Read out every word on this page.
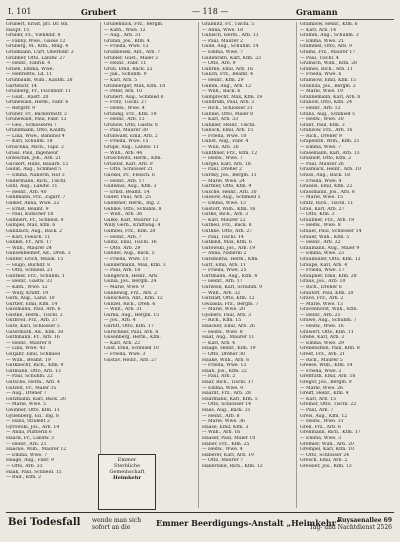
I. 101	Grubert	— 118 —	Gramann
Grubert, Ernst, pri. Dr. Rn.
Haupt. 15
Gruber, Fz., Viehhdlr. 8
— Fanny, Wwe., Gasse 12
Gruberg, M., Kfm., Rhlg. 4
Grudmann, Curt, Oberhdlr. 2
Grubner, Otto, Landw. 27
— Heinr., Fabrik. 4
Gruen, Emma, Wwe.
— Henriette, Ld. 11
Grünbaum, Wilh., Kaufm. 28
Gartenstr. 14
Grünberg, Fr., Fischhdlr. 11
— Gust., Rasrf. 20
Grünewald, Herm., Fabr. 6
— Bergstr. 9
Grüner, Fr., Bäckermstr. 3
Grunewald, Paul, Fabr. 13
— Geo., Schlosserei 7
Grundmann, Otto, Kaufm.
— Lina, Wwe., Bahnhof 4
— Karl, Schuhm. 18
Gruschka, Mich., Tapz. 2
Gruss, Paul, Ingenieur
Grzeschik, Joh., Arb. 21
Guckert, Hans, Bauarb. 12
Gudat, Aug., Schmied 5
— Emma, Näherin, Hof 3
Gudermann, Rich., Tischl.
Guhl, Aug., Landw. 11
— Heinr., Arb. 40
Guhlmann, Frz., Zigarr. 7
Gülker, Anna, Wwe. 22
— Ernst, Beamt. 9
— Paul, Kutscher 18
Gumbert, Fr., Schneid. 4
Gumpel, Max, Kfm. 6
Gundlach, Aug., Bäck. 2
— Karl, Fleisch. 11
Gunkel, Fr., Arb. 17
— Wilh., Maurer 24
Gunsenheimer, Ad., Dreh. 3
Günter, Erich, Musik. 15
— Hugo, Buchdr. 8
— Otto, Schneid. 21
Günther, Frz., Schuhm. 1
— Heinr., Gastw. 33
— Kath., Wwe. 12
— Willy, Kraftf. 19
Gurk, Aug., Land. 10
Gürtler, Emil, Kfm. 14
Gussmann, Paul, Arb. 6
Gustke, Herm., Tischl. 2
Gutbrod, Frz., Arb. 27
Gute, Karl, Schlosser 5
Gutermuth, Ad., Kfm. 30
Guthmann, Fr., Arb. 16
— Heinr., Maurer 8
— Lina, Wwe. 43
Gutjahr, Emil, Schmied
— Wilh., Beamt. 19
Gutknecht, Rich., Kfm. 9
Gutmann, Otto, Arb. 13
— Paul, Schuhm. 22
Gutsche, Herm., Arb. 4
Gutzeit, Fr., Maler 35
— Aug., Dreher 7
Gutzmann, Karl, Bäck. 20
— Marie, Wwe. 5
Gwinner, Otto, Kfm. 11
Gyllenberg, Ed., Ing. 8
— Hans, Student 2
Gyrowski, Jos., Arb. 14
— Anna, Plätterin 6
Haack, Fr., Landw. 3
— Heinr., Arb. 21
Haacke, Wilh., Maurer 12
— Emma, Wwe. 7
Haage, Aug., Fabr. 9
— Otto, Arb. 33
Haak, Paul, Schneid. 15
— Rud., Kfm. 2
Grubendick, Frz., Bergm.
— Kath., Wwe. 12
— Aug., Arb. 31
Grubin, Jos., Kfm. 4
— Frieda, Wwe. 13
Grudzielski, Ant., Arb. 7
Grübler, Gust., Maler 3
— Heinr., Fabr. 11
Grün, Emil, Bäck. 22
— Jak., Schuhm. 9
— Karl, Arb. 5
Grünberger, Max, Kfm. 18
— Peter, Arb. 10
Grunert, Aug., Schmied 6
— Fritz, Tischl. 27
— Hedw., Wwe. 4
Grüning, Frz., Kfm. 19
— Heinr., Arb. 13
Grunow, Otto, Gastw. 8
— Paul, Maurer 30
Grunwald, Emil, Arb. 2
— Frieda, Wwe. 15
Grupe, Aug., Landw. 11
— Wilh., Arb. 44
Gruschwitz, Herm., Kfm.
Grusdat, Karl, Arb. 9
— Otto, Schlosser 21
Guckel, Fr., Fleisch. 6
— Heinr., Arb. 17
Gudehus, Aug., Kfm. 3
— Ernst, Beamt. 14
Guder, Paul, Arb. 25
Guenther, Herm., Ing. 2
Guhlke, Otto, Schuhm. 8
— Wilh., Arb. 36
Gülke, Karl, Maurer 12
Willy Gerh., Kraftwag. 4
Gümbel, Frz., Kfm. 20
— Heinr., Arb. 7
Gumz, Emil, Tischl. 16
— Otto, Arb. 29
Gundel, Aug., Bäck. 5
— Frieda, Wwe. 11
Gundermann, Max, Kfm. 3
— Paul, Arb. 18
Güngerich, Heinr., Arb.
Gunia, Jos., Bergm. 24
— Marie, Wwe. 9
Günnewig, Frz., Arb. 2
Gunschera, Ant., Kfm. 12
Günzel, Rich., Dreh. 6
— Wilh., Arb. 31
Gurka, Aug., Bergm. 15
— Jos., Arb. 4
Gurlitt, Otto, Kfm. 17
Gürschner, Paul, Arb. 8
Gusenberg, Herm., Kfm.
— Karl, Arb. 22
Gust, Emil, Schmied 10
— Frieda, Wwe. 3
Gustav, Heinr., Arb. 27
Grabnitz, Fr., Tischl. 5
— Anna, Wwe. 18
Gubisch, Herm., Arb. 11
— Paul, Maurer 2
Gude, Aug., Schuhm. 14
— Emma, Wwe. 7
Gudenrath, Karl, Kfm. 23
— Otto, Arb. 9
Guhrke, Emil, Arb. 16
Gülich, Frz., Beamt. 4
— Heinr., Kfm. 29
Gumm, Aug., Arb. 12
— Wilh., Bäck. 6
Gumprecht, Max, Kfm. 19
Gundrum, Paul, Arb. 3
— Rich., Schlosser 21
Günnel, Otto, Maler 8
— Karl, Arb. 33
Gunkler, Heinr., Tischl.
Gunsch, Emil, Arb. 15
— Frieda, Wwe. 10
Gunst, Aug., Fabr. 4
— Willi, Arb. 26
Günthner, Frz., Kfm. 12
— Hedw., Wwe. 7
Gurgel, Karl, Arb. 18
— Paul, Dreher 2
Gursky, Jos., Bergm. 11
— Marie, Wwe. 24
Gurtner, Otto, Kfm. 9
Gusche, Heinr., Arb. 30
Güssow, Aug., Schmied 5
— Emma, Wwe. 13
Gustorf, Wilh., Kfm. 16
Guthe, Rich., Arb. 3
— Karl, Maurer 22
Gutheil, Frz., Bäck. 8
Guthke, Otto, Arb. 27
— Paul, Tischl. 14
Gutkind, Max, Kfm. 6
Gutowski, Jos., Arb. 19
— Anna, Näherin 2
Gutsmuths, Herm., Kfm.
Gutt, Emil, Arb. 11
— Frieda, Wwe. 25
Guttmann, Aug., Kfm. 4
— Heinr., Arb. 17
Gutwein, Karl, Schuhm. 9
— Wilh., Arb. 32
Gützlaff, Otto, Kfm. 12
Gwiasda, Frz., Bergm. 7
— Marie, Wwe. 20
Gysbers, Paul, Arb. 3
— Rich., Kfm. 15
Haacker, Emil, Arb. 26
— Hedw., Wwe. 8
Haaf, Aug., Maurer 11
— Karl, Arb. 4
Haage, Heinr., Kfm. 19
— Otto, Dreher 30
Haake, Wilh., Arb. 6
— Frieda, Wwe. 13
Haan, Jos., Kfm. 22
— Paul, Arb. 2
Haar, Rich., Tischl. 17
— Emma, Wwe. 9
Haardt, Frz., Arb. 28
Haarmann, Karl, Kfm. 5
— Otto, Schlosser 14
Haas, Aug., Bäck. 21
— Heinr., Arb. 8
— Marie, Wwe. 36
Haase, Emil, Kfm. 3
— Wilh., Arb. 16
Haaser, Paul, Maler 10
Haber, Frz., Kfm. 25
— Hedw., Wwe. 4
Haberer, Karl, Arb. 19
— Otto, Maurer 7
Haberland, Rich., Kfm. 12
Grambow, Heinr., Kfm. 6
— Karl, Arb. 14
Gramm, Aug., Schuhm. 3
— Emma, Wwe. 21
Grammel, Otto, Arb. 9
Grams, Frz., Maurer 17
— Paul, Tischl. 4
Gramsch, Wilh., Kfm. 28
Gramse, Rich., Arb. 11
— Frieda, Wwe. 6
Gramsow, Emil, Kfm. 15
Granitza, Jos., Bergm. 2
— Marie, Wwe. 19
Grannemann, Karl, Arb. 8
Granow, Otto, Kfm. 24
— Heinr., Arb. 12
Grans, Aug., Schmied 5
— Hedw., Wwe. 30
Grant, Paul, Kfm. 3
Granzow, Frz., Arb. 16
— Rich., Dreher 9
Grapentin, Wilh., Kfm. 21
— Emma, Wwe. 7
Grasemann, Karl, Arb. 13
Grashoff, Otto, Kfm. 2
— Paul, Maurer 26
Grasmück, Heinr., Arb. 10
Grass, Aug., Bäck. 18
— Frieda, Wwe. 4
Grassel, Emil, Kfm. 22
Grassmann, Jos., Arb. 6
— Marie, Wwe. 15
Gratz, Rich., Tischl. 11
Grau, Karl, Arb. 27
— Otto, Kfm. 3
Graubner, Frz., Arb. 19
— Hedw., Wwe. 8
Grauel, Paul, Schlosser 14
Grauer, Wilh., Kfm. 5
— Heinr., Arb. 32
Graumann, Aug., Maler 9
— Emma, Wwe. 23
Graumüller, Otto, Kfm. 12
Graupe, Karl, Arb. 4
— Frieda, Wwe. 17
Graupner, Emil, Kfm. 28
Graus, Jos., Arb. 10
— Rich., Dreher 6
Grautoff, Paul, Kfm. 20
Grave, Frz., Arb. 2
— Marie, Wwe. 13
Gravenhorst, Wilh., Kfm.
— Heinr., Arb. 25
Grawe, Aug., Schuhm. 7
— Hedw., Wwe. 16
Grawert, Otto, Kfm. 11
Grebe, Karl, Arb. 3
— Emma, Wwe. 29
Grebenstein, Paul, Kfm. 8
Greef, Frz., Arb. 21
— Rich., Maurer 5
Greese, Wilh., Kfm. 14
— Frieda, Wwe. 2
Greffrath, Emil, Arb. 18
Gregor, Jos., Bergm. 9
— Marie, Wwe. 26
Greiff, Heinr., Kfm. 4
— Karl, Arb. 15
Greiner, Otto, Tischl. 22
— Paul, Arb. 7
Greis, Aug., Kfm. 12
— Hedw., Wwe. 31
Grell, Frz., Arb. 6
Grellmann, Rich., Kfm. 17
— Emma, Wwe. 3
Gremler, Wilh., Arb. 20
Grempel, Karl, Kfm. 10
— Otto, Schlosser 24
Gresch, Emil, Arb. 2
Gressler, Jos., Kfm. 13
Emmer
Sterbliche
Gemeinschaft
Heimkehr
Bei Todesfall wende man sich sofort an die	Emmer Beerdigungs-Anstalt „Heimkehr“
Ruysaenallee 69
Tag- und Nachtdienst 2526
